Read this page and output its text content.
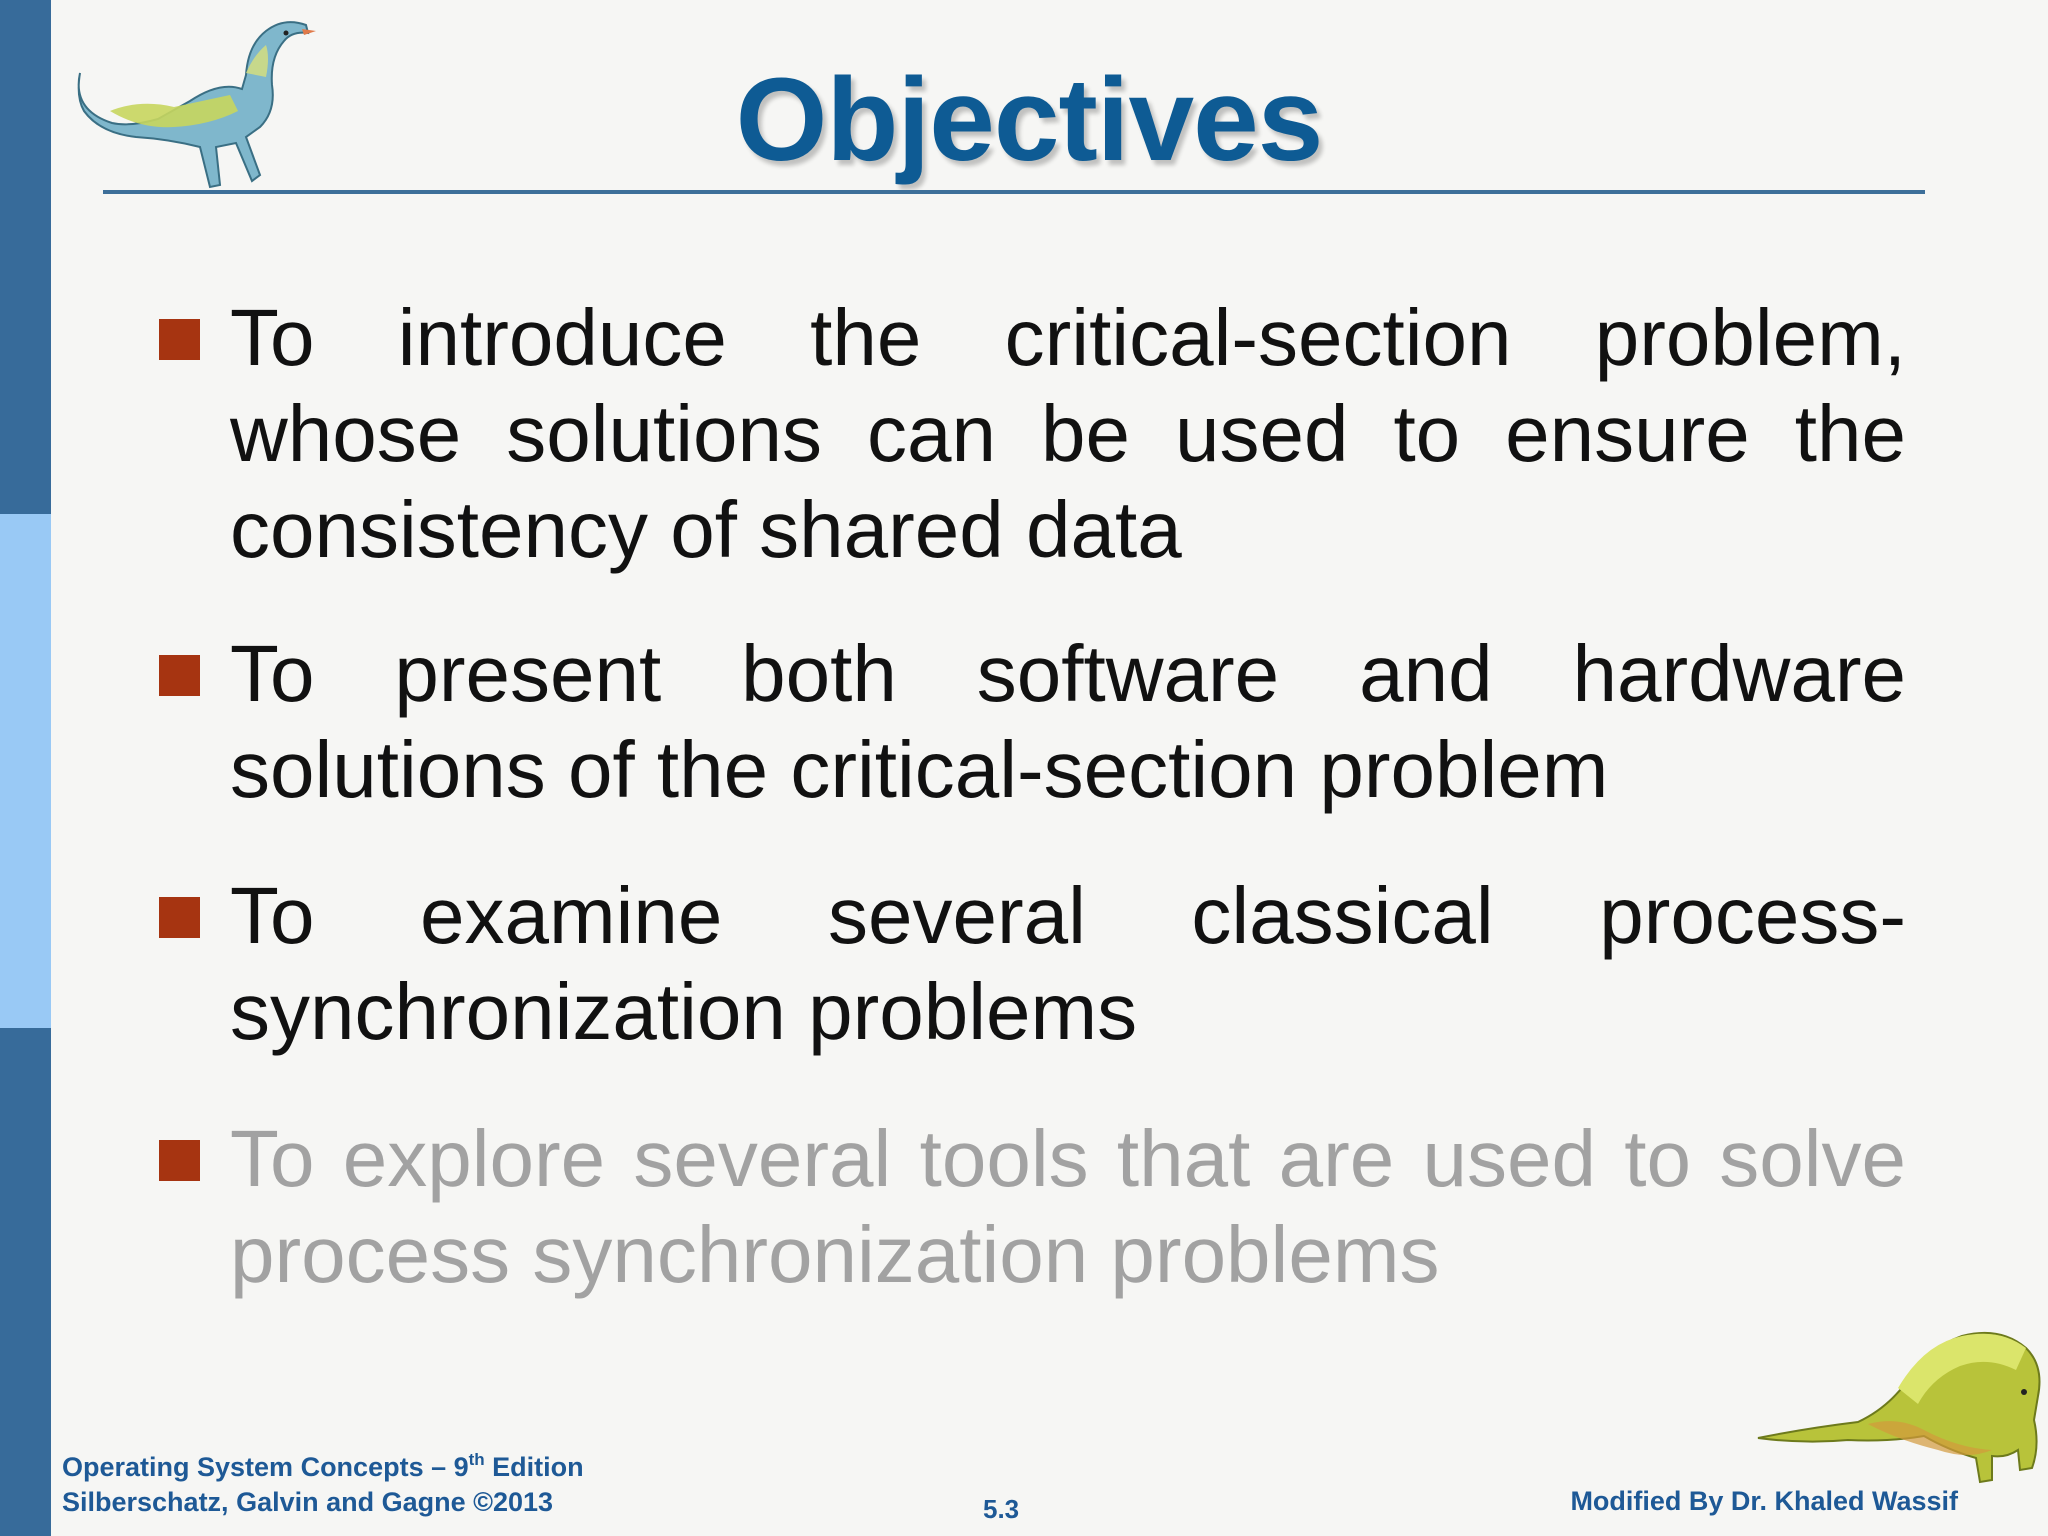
Objectives
To introduce the critical-section problem, whose solutions can be used to ensure the consistency of shared data
To present both software and hardware solutions of the critical-section problem
To examine several classical process-synchronization problems
To explore several tools that are used to solve process synchronization problems
Operating System Concepts – 9th Edition
Silberschatz, Galvin and Gagne ©2013	5.3	Modified By Dr. Khaled Wassif
